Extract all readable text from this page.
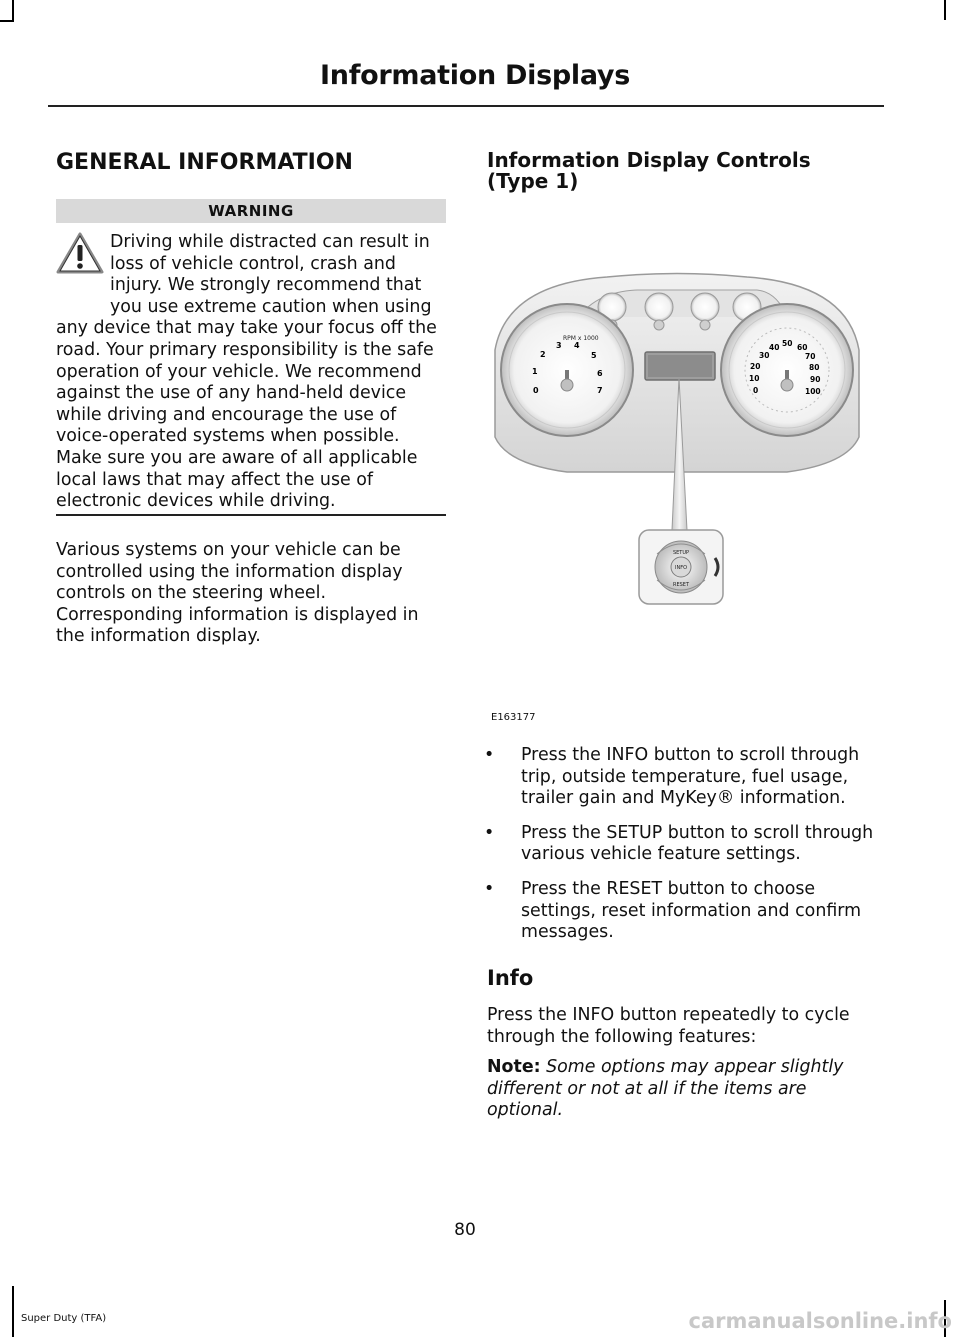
Information Displays
GENERAL INFORMATION
WARNING
Driving while distracted can result in loss of vehicle control, crash and injury. We strongly recommend that you use extreme caution when using any device that may take your focus off the road. Your primary responsibility is the safe operation of your vehicle. We recommend against the use of any hand-held device while driving and encourage the use of voice-operated systems when possible. Make sure you are aware of all applicable local laws that may affect the use of electronic devices while driving.
Various systems on your vehicle can be controlled using the information display controls on the steering wheel. Corresponding information is displayed in the information display.
Information Display Controls (Type 1)
RPM x 1000
0
1
2
3 4
5
6
7	0
10
20
30
40 50 60
70
80
90
100
SETUP
INFO
RESET
E163177
• Press the INFO button to scroll through trip, outside temperature, fuel usage, trailer gain and MyKey® information.
• Press the SETUP button to scroll through various vehicle feature settings.
• Press the RESET button to choose settings, reset information and confirm messages.
Info
Press the INFO button repeatedly to cycle through the following features:
Note: Some options may appear slightly different or not at all if the items are optional.
80
Super Duty (TFA)	carmanualsonline.info
